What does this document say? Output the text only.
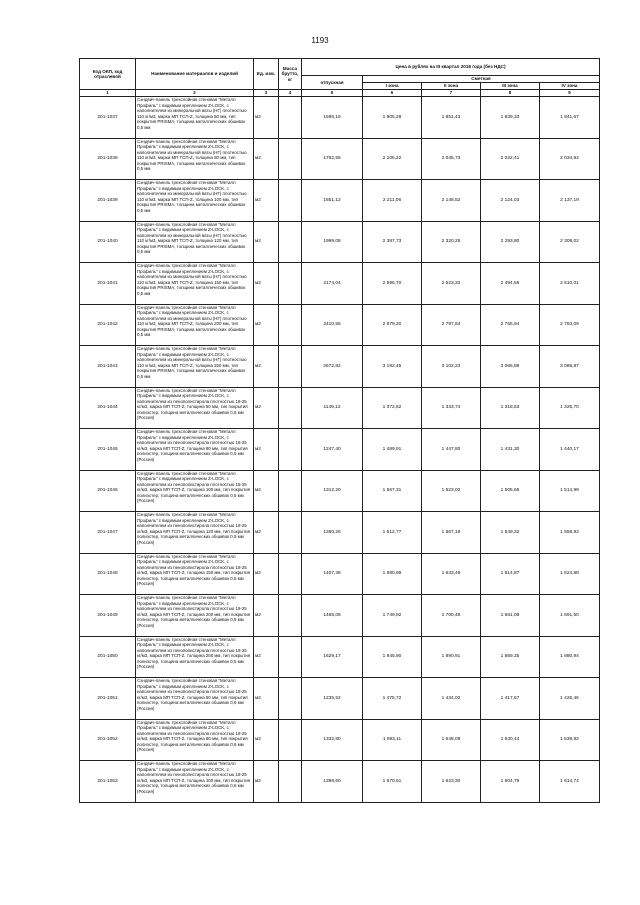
1193
Код ОКП, код отраслевой	Наименование материалов и изделий	Ед. изм.	Масса брутто, кг	Цена в рублях на III квартал 2018 года (без НДС)				
				отпускная	Сметная			
					I зона	II зона	III зона	IV зона
1	2	3	4	5	6	7	8	9
201-1037	Сэндвич-панель трехслойная стеновая "Металл Профиль" с видимым креплением Z-LOCK, с наполнителем из минеральной ваты (НГ) плотностью 110 кг/м3, марка МП ТСП-Z, толщина 50 мм, тип покрытия PRISMA, толщина металлических обшивок 0,5 мм	м2		1595,16	1 905,28	1 851,43	1 839,33	1 841,67
201-1038	Сэндвич-панель трехслойная стеновая "Металл Профиль" с видимым креплением Z-LOCK, с наполнителем из минеральной ваты (НГ) плотностью 110 кг/м3, марка МП ТСП-Z, толщина 80 мм, тип покрытия PRISMA, толщина металлических обшивок 0,5 мм	м2		1762,56	2 105,22	2 045,73	2 022,41	2 034,84
201-1039	Сэндвич-панель трехслойная стеновая "Металл Профиль" с видимым креплением Z-LOCK, с наполнителем из минеральной ваты (НГ) плотностью 110 кг/м3, марка МП ТСП-Z, толщина 100 мм, тип покрытия PRISMA, толщина металлических обшивок 0,5 мм	м2		1851,12	2 211,06	2 148,52	2 124,03	2 137,19
201-1040	Сэндвич-панель трехслойная стеновая "Металл Профиль" с видимым креплением Z-LOCK, с наполнителем из минеральной ваты (НГ) плотностью 110 кг/м3, марка МП ТСП-Z, толщина 120 мм, тип покрытия PRISMA, толщина металлических обшивок 0,5 мм	м2		1999,08	2 387,73	2 320,25	2 293,80	2 308,02
201-1041	Сэндвич-панель трехслойная стеновая "Металл Профиль" с видимым креплением Z-LOCK, с наполнителем из минеральной ваты (НГ) плотностью 110 кг/м3, марка МП ТСП-Z, толщина 150 мм, тип покрытия PRISMA, толщина металлических обшивок 0,5 мм	м2		2174,04	2 596,70	2 523,32	2 494,55	2 510,01
201-1042	Сэндвич-панель трехслойная стеновая "Металл Профиль" с видимым креплением Z-LOCK, с наполнителем из минеральной ваты (НГ) плотностью 110 кг/м3, марка МП ТСП-Z, толщина 200 мм, тип покрытия PRISMA, толщина металлических обшивок 0,5 мм	м2		2410,56	2 879,20	2 797,84	2 765,94	2 783,09
201-1043	Сэндвич-панель трехслойная стеновая "Металл Профиль" с видимым креплением Z-LOCK, с наполнителем из минеральной ваты (НГ) плотностью 110 кг/м3, марка МП ТСП-Z, толщина 250 мм, тип покрытия PRISMA, толщина металлических обшивок 0,5 мм	м2		2672,82	3 192,45	3 102,23	3 066,88	3 085,87
201-1044	Сэндвич-панель трехслойная стеновая "Металл Профиль" с видимым креплением Z-LOCK, с наполнителем из пенополистирола плотностью 18-25 кг/м3, марка МП ТСП-Z, толщина 50 мм, тип покрытия полиэстер, толщина металлических обшивок 0,5 мм (Россия)	м2		1149,12	1 372,52	1 333,74	1 318,53	1 326,70
201-1045	Сэндвич-панель трехслойная стеновая "Металл Профиль" с видимым креплением Z-LOCK, с наполнителем из пенополистирола плотностью 18-25 кг/м3, марка МП ТСП-Z, толщина 80 мм, тип покрытия полиэстер, толщина металлических обшивок 0,5 мм (Россия)	м2		1247,40	1 489,91	1 447,80	1 431,30	1 440,17
201-1046	Сэндвич-панель трехслойная стеновая "Металл Профиль" с видимым креплением Z-LOCK, с наполнителем из пенополистирола плотностью 18-25 кг/м3, марка МП ТСП-Z, толщина 100 мм, тип покрытия полиэстер, толщина металлических обшивок 0,5 мм (Россия)	м2		1312,20	1 567,31	1 523,02	1 505,65	1 514,99
201-1047	Сэндвич-панель трехслойная стеновая "Металл Профиль" с видимым креплением Z-LOCK, с наполнителем из пенополистирола плотностью 18-25 кг/м3, марка МП ТСП-Z, толщина 120 мм, тип покрытия полиэстер, толщина металлических обшивок 0,5 мм (Россия)	м2		1350,26	1 612,77	1 567,19	1 549,32	1 558,93
201-1048	Сэндвич-панель трехслойная стеновая "Металл Профиль" с видимым креплением Z-LOCK, с наполнителем из пенополистирола плотностью 18-25 кг/м3, марка МП ТСП-Z, толщина 150 мм, тип покрытия полиэстер, толщина металлических обшивок 0,5 мм (Россия)	м2		1407,36	1 680,99	1 633,49	1 614,87	1 624,88
201-1049	Сэндвич-панель трехслойная стеновая "Металл Профиль" с видимым креплением Z-LOCK, с наполнителем из пенополистирола плотностью 18-25 кг/м3, марка МП ТСП-Z, толщина 200 мм, тип покрытия полиэстер, толщина металлических обшивок 0,5 мм (Россия)	м2		1465,08	1 749,92	1 700,48	1 681,08	1 691,50
201-1050	Сэндвич-панель трехслойная стеновая "Металл Профиль" с видимым креплением Z-LOCK, с наполнителем из пенополистирола плотностью 18-25 кг/м3, марка МП ТСП-Z, толщина 250 мм, тип покрытия полиэстер, толщина металлических обшивок 0,5 мм (Россия)	м2		1629,17	1 945,90	1 890,91	1 869,35	1 880,94
201-1051	Сэндвич-панель трехслойная стеновая "Металл Профиль" с видимым креплением Z-LOCK, с наполнителем из пенополистирола плотностью 18-25 кг/м3, марка МП ТСП-Z, толщина 50 мм, тип покрытия полиэстер, толщина металлических обшивок 0,6 мм (Россия)	м2		1235,52	1 475,72	1 434,02	1 417,67	1 426,46
201-1052	Сэндвич-панель трехслойная стеновая "Металл Профиль" с видимым креплением Z-LOCK, с наполнителем из пенополистирола плотностью 18-25 кг/м3, марка МП ТСП-Z, толщина 80 мм, тип покрытия полиэстер, толщина металлических обшивок 0,6 мм (Россия)	м2		1332,80	1 593,11	1 548,09	1 530,44	1 539,92
201-1053	Сэндвич-панель трехслойная стеновая "Металл Профиль" с видимым креплением Z-LOCK, с наполнителем из пенополистирола плотностью 18-25 кг/м3, марка МП ТСП-Z, толщина 100 мм, тип покрытия полиэстер, толщина металлических обшивок 0,6 мм (Россия)	м2		1398,60	1 670,51	1 623,30	1 604,79	1 614,74
